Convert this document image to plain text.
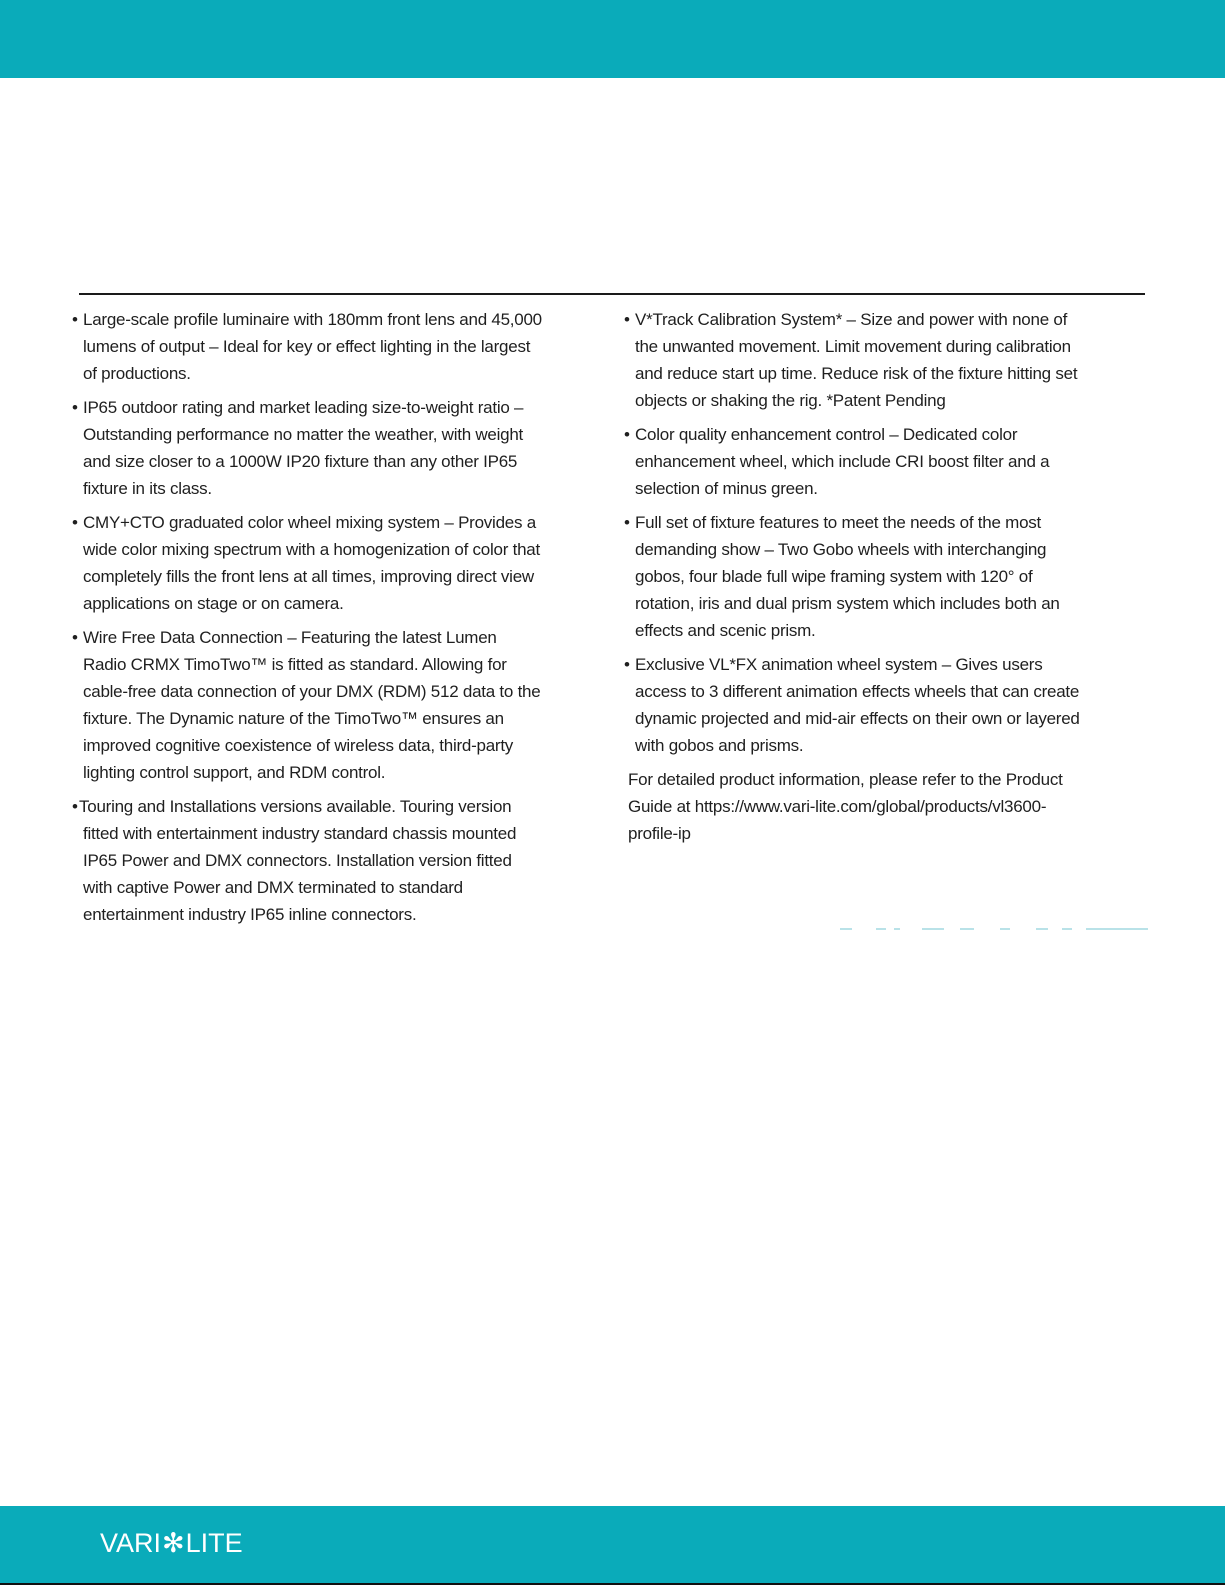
• Large-scale profile luminaire with 180mm front lens and 45,000 lumens of output – Ideal for key or effect lighting in the largest of productions.

• IP65 outdoor rating and market leading size-to-weight ratio – Outstanding performance no matter the weather, with weight and size closer to a 1000W IP20 fixture than any other IP65 fixture in its class.

• CMY+CTO graduated color wheel mixing system – Provides a wide color mixing spectrum with a homogenization of color that completely fills the front lens at all times, improving direct view applications on stage or on camera.

• Wire Free Data Connection – Featuring the latest Lumen Radio CRMX TimoTwo™ is fitted as standard. Allowing for cable-free data connection of your DMX (RDM) 512 data to the fixture. The Dynamic nature of the TimoTwo™ ensures an improved cognitive coexistence of wireless data, third-party lighting control support, and RDM control.

•Touring and Installations versions available. Touring version fitted with entertainment industry standard chassis mounted IP65 Power and DMX connectors. Installation version fitted with captive Power and DMX terminated to standard entertainment industry IP65 inline connectors.

• V*Track Calibration System* – Size and power with none of the unwanted movement. Limit movement during calibration and reduce start up time. Reduce risk of the fixture hitting set objects or shaking the rig. *Patent Pending

• Color quality enhancement control – Dedicated color enhancement wheel, which include CRI boost filter and a selection of minus green.

• Full set of fixture features to meet the needs of the most demanding show – Two Gobo wheels with interchanging gobos, four blade full wipe framing system with 120° of rotation, iris and dual prism system which includes both an effects and scenic prism.

• Exclusive VL*FX animation wheel system – Gives users access to 3 different animation effects wheels that can create dynamic projected and mid-air effects on their own or layered with gobos and prisms.

For detailed product information, please refer to the Product Guide at https://www.vari-lite.com/global/products/vl3600-profile-ip

VARI ✻ LITE
